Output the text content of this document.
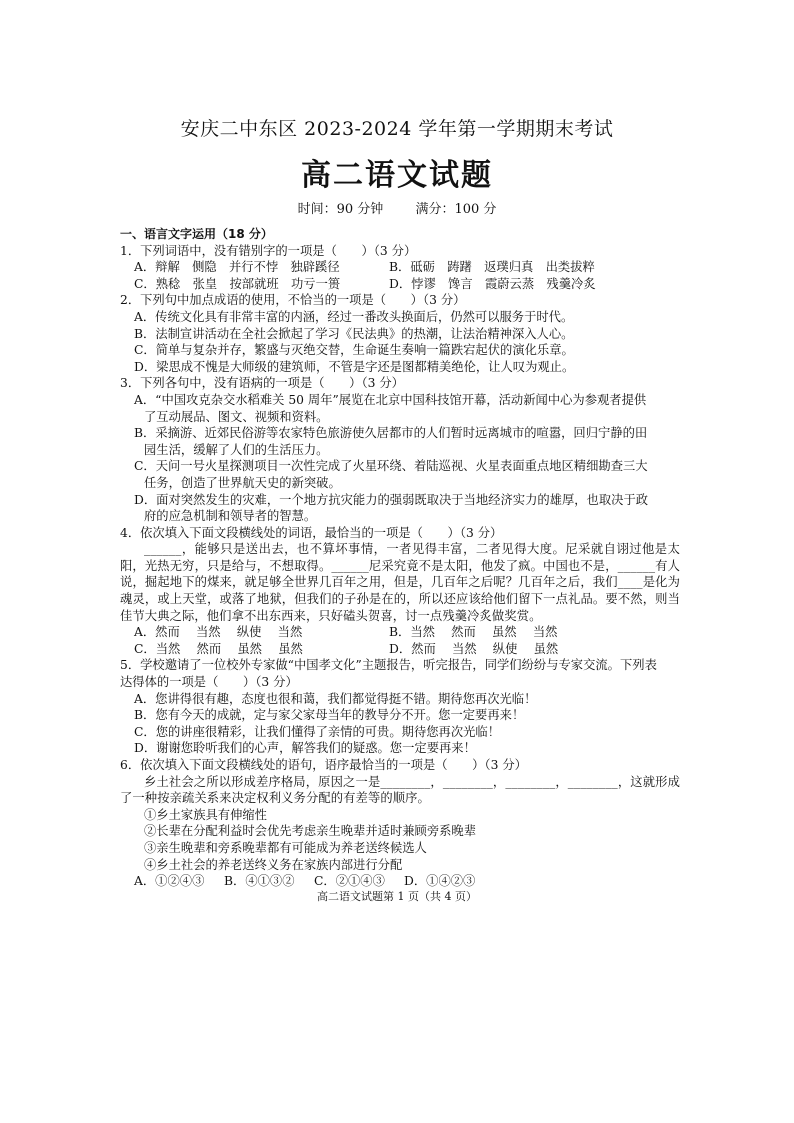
安庆二中东区 2023-2024 学年第一学期期末考试
高二语文试题
时间：90 分钟 满分：100 分
一、语言文字运用（18 分）
1．下列词语中，没有错别字的一项是（　　）（3 分）
A．辩解　侧隐　并行不悖　独辟蹊径	B．砥砺　踌躇　返璞归真　出类拔粹
C．熟稔　张皇　按部就班　功亏一篑	D．悖谬　馋言　霞蔚云蒸　残羹冷炙
2．下列句中加点成语的使用，不恰当的一项是（　　）（3 分）
A．传统文化具有非常丰富的内涵，经过一番改头换面后，仍然可以服务于时代。
B．法制宣讲活动在全社会掀起了学习《民法典》的热潮，让法治精神深入人心。
C．简单与复杂并存，繁盛与灭绝交替，生命诞生奏响一篇跌宕起伏的演化乐章。
D．梁思成不愧是大师级的建筑师，不管是字还是图都精美绝伦，让人叹为观止。
3．下列各句中，没有语病的一项是（　　）（3 分）
A．“中国攻克杂交水稻难关 50 周年”展览在北京中国科技馆开幕，活动新闻中心为参观者提供
了互动展品、图文、视频和资料。
B．采摘游、近郊民俗游等农家特色旅游使久居都市的人们暂时远离城市的喧嚣，回归宁静的田
园生活，缓解了人们的生活压力。
C．天问一号火星探测项目一次性完成了火星环绕、着陆巡视、火星表面重点地区精细勘查三大
任务，创造了世界航天史的新突破。
D．面对突然发生的灾难，一个地方抗灾能力的强弱既取决于当地经济实力的雄厚，也取决于政
府的应急机制和领导者的智慧。
4．依次填入下面文段横线处的词语，最恰当的一项是（　　）（3 分）
______，能够只是送出去，也不算坏事情，一者见得丰富，二者见得大度。尼采就自诩过他是太阳，光热无穷，只是给与，不想取得。______尼采究竟不是太阳，他发了疯。中国也不是，______有人说，掘起地下的煤来，就足够全世界几百年之用，但是，几百年之后呢？几百年之后，我们____是化为魂灵，或上天堂，或落了地狱，但我们的子孙是在的，所以还应该给他们留下一点礼品。要不然，则当佳节大典之际，他们拿不出东西来，只好磕头贺喜，讨一点残羹冷炙做奖赏。
A．然而　 当然　 纵使　 当然	B．当然　 然而　 虽然　 当然
C．当然　 然而　 虽然　 虽然	D．然而　 当然　 纵使　 虽然
5．学校邀请了一位校外专家做“中国孝文化”主题报告，听完报告，同学们纷纷与专家交流。下列表
达得体的一项是（　　）（3 分）
A．您讲得很有趣，态度也很和蔼，我们都觉得挺不错。期待您再次光临！
B．您有今天的成就，定与家父家母当年的教导分不开。您一定要再来！
C．您的讲座很精彩，让我们懂得了亲情的可贵。期待您再次光临！
D．谢谢您聆听我们的心声，解答我们的疑惑。您一定要再来！
6．依次填入下面文段横线处的语句，语序最恰当的一项是（　　）（3 分）
乡土社会之所以形成差序格局，原因之一是________，________，________，________，这就形成了一种按亲疏关系来决定权利义务分配的有差等的顺序。
①乡土家族具有伸缩性
②长辈在分配利益时会优先考虑亲生晚辈并适时兼顾旁系晚辈
③亲生晚辈和旁系晚辈都有可能成为养老送终候选人
④乡土社会的养老送终义务在家族内部进行分配
A．①②④③	B．④①③②	C．②①④③	D．①④②③
高二语文试题第 1 页（共 4 页）
